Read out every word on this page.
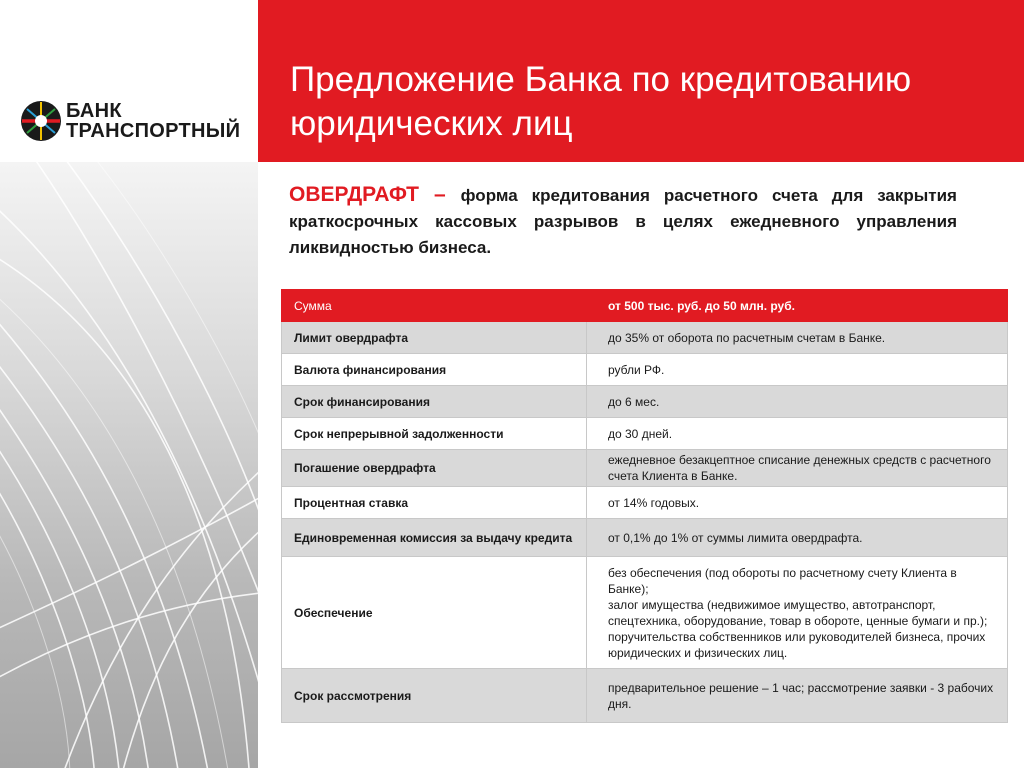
БАНК
ТРАНСПОРТНЫЙ
Предложение Банка по кредитованию юридических лиц

ОВЕРДРАФТ – форма кредитования расчетного счета для закрытия краткосрочных кассовых разрывов в целях ежедневного управления ликвидностью бизнеса.

Сумма	от 500 тыс. руб. до 50 млн. руб.
Лимит овердрафта	до 35% от оборота по расчетным счетам в Банке.
Валюта финансирования	рубли РФ.
Срок финансирования	до 6 мес.
Срок непрерывной задолженности	до 30 дней.
Погашение овердрафта	ежедневное безакцептное списание денежных средств с расчетного счета Клиента в Банке.
Процентная ставка	от 14% годовых.
Единовременная комиссия за выдачу кредита	от 0,1% до 1% от суммы лимита овердрафта.
Обеспечение	без обеспечения (под обороты по расчетному счету Клиента в Банке);
залог имущества (недвижимое имущество, автотранспорт, спецтехника, оборудование, товар в обороте, ценные бумаги и пр.);
поручительства собственников или руководителей бизнеса, прочих юридических и физических лиц.

Срок рассмотрения	предварительное решение – 1 час; рассмотрение заявки - 3 рабочих дня.
